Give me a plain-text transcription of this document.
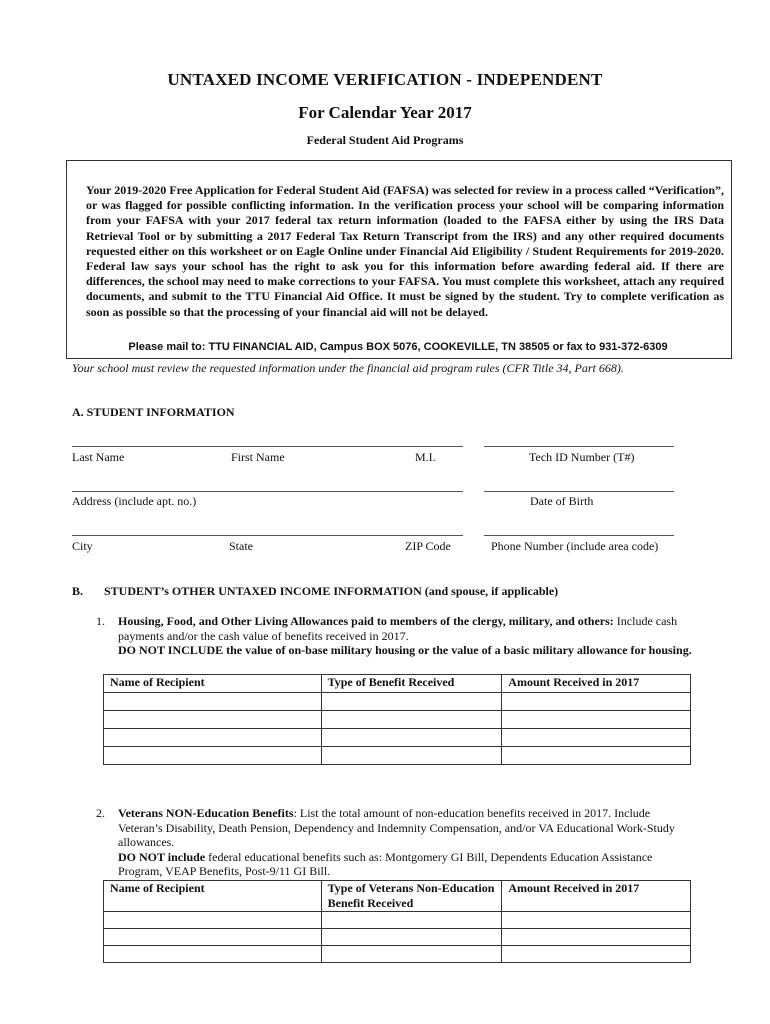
UNTAXED INCOME VERIFICATION - INDEPENDENT
For Calendar Year 2017
Federal Student Aid Programs
Your 2019-2020 Free Application for Federal Student Aid (FAFSA) was selected for review in a process called “Verification”, or was flagged for possible conflicting information. In the verification process your school will be comparing information from your FAFSA with your 2017 federal tax return information (loaded to the FAFSA either by using the IRS Data Retrieval Tool or by submitting a 2017 Federal Tax Return Transcript from the IRS) and any other required documents requested either on this worksheet or on Eagle Online under Financial Aid Eligibility / Student Requirements for 2019-2020. Federal law says your school has the right to ask you for this information before awarding federal aid. If there are differences, the school may need to make corrections to your FAFSA. You must complete this worksheet, attach any required documents, and submit to the TTU Financial Aid Office. It must be signed by the student. Try to complete verification as soon as possible so that the processing of your financial aid will not be delayed.
Please mail to: TTU FINANCIAL AID, Campus BOX 5076, COOKEVILLE, TN 38505 or fax to 931-372-6309
Your school must review the requested information under the financial aid program rules (CFR Title 34, Part 668).
A. STUDENT INFORMATION
Last Name	First Name	M.I.	Tech ID Number (T#)
Address (include apt. no.)	Date of Birth
City	State	ZIP Code	Phone Number (include area code)
B. STUDENT’s OTHER UNTAXED INCOME INFORMATION (and spouse, if applicable)
1. Housing, Food, and Other Living Allowances paid to members of the clergy, military, and others: Include cash payments and/or the cash value of benefits received in 2017.
DO NOT INCLUDE the value of on-base military housing or the value of a basic military allowance for housing.
Name of Recipient	Type of Benefit Received	Amount Received in 2017

2. Veterans NON-Education Benefits: List the total amount of non-education benefits received in 2017. Include Veteran’s Disability, Death Pension, Dependency and Indemnity Compensation, and/or VA Educational Work-Study allowances.
DO NOT include federal educational benefits such as: Montgomery GI Bill, Dependents Education Assistance Program, VEAP Benefits, Post-9/11 GI Bill.
Name of Recipient	Type of Veterans Non-Education Benefit Received	Amount Received in 2017
